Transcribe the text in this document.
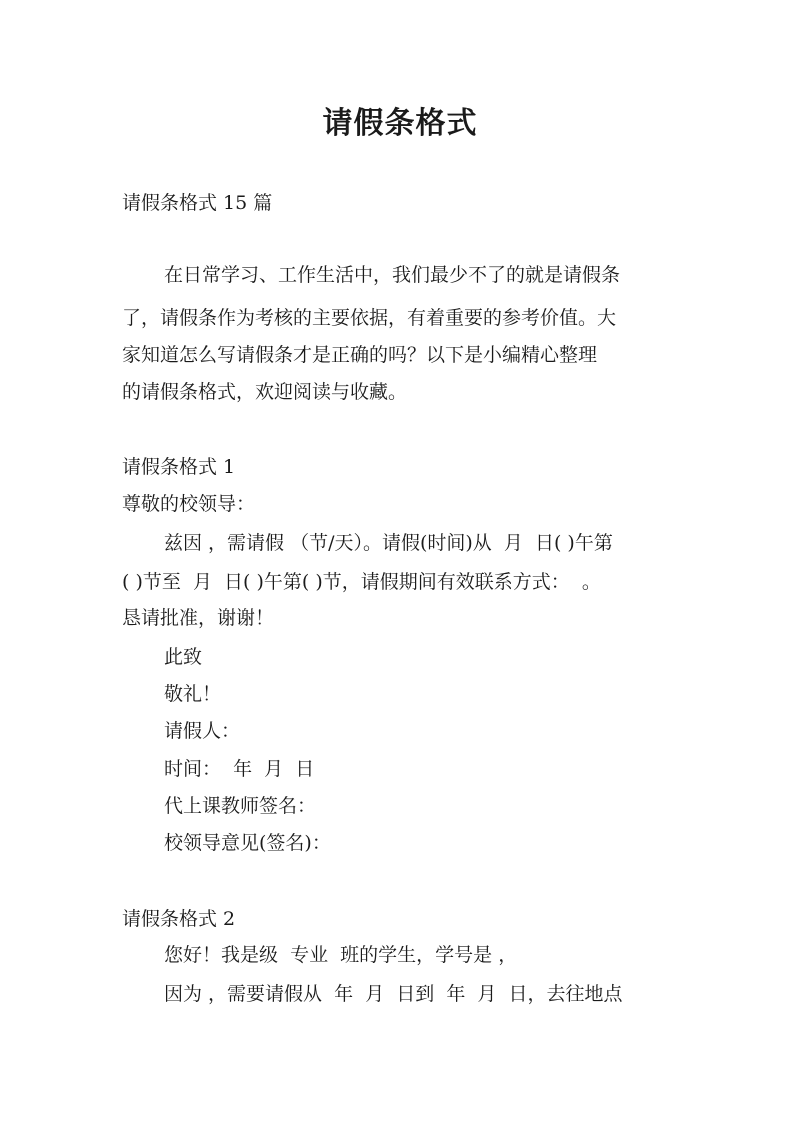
请假条格式

请假条格式 15 篇

在日常学习、工作生活中，我们最少不了的就是请假条

了，请假条作为考核的主要依据，有着重要的参考价值。大

家知道怎么写请假条才是正确的吗？以下是小编精心整理

的请假条格式，欢迎阅读与收藏。

请假条格式 1

尊敬的校领导：

兹因 ，需请假 （节/天）。请假(时间)从  月  日( )午第

( )节至  月  日( )午第( )节，请假期间有效联系方式：  。

恳请批准，谢谢！

此致

敬礼！

请假人：

时间：  年  月  日

代上课教师签名：

校领导意见(签名)：

请假条格式 2

您好！我是级  专业  班的学生，学号是 ，

因为 ，需要请假从  年  月  日到  年  月  日，去往地点
